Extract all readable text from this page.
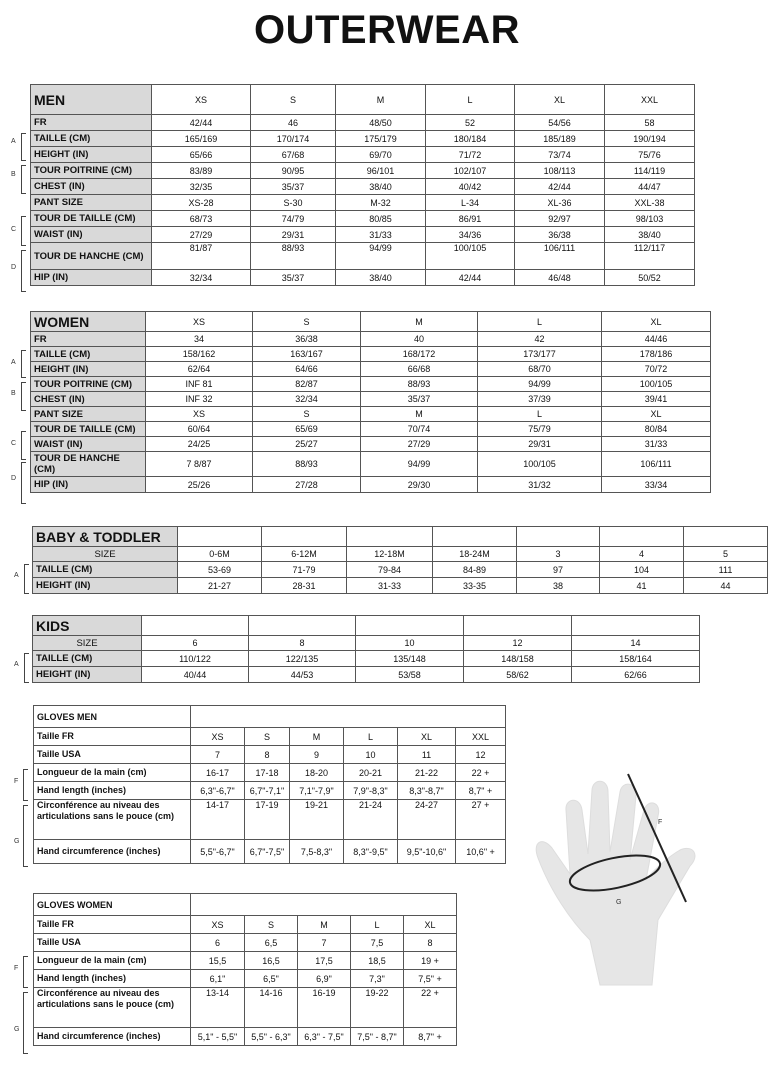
OUTERWEAR
MEN	XS	S	M	L	XL	XXL
FR	42/44	46	48/50	52	54/56	58
TAILLE (CM)	165/169	170/174	175/179	180/184	185/189	190/194
HEIGHT (IN)	65/66	67/68	69/70	71/72	73/74	75/76
TOUR POITRINE (CM)	83/89	90/95	96/101	102/107	108/113	114/119
CHEST (IN)	32/35	35/37	38/40	40/42	42/44	44/47
PANT SIZE	XS-28	S-30	M-32	L-34	XL-36	XXL-38
TOUR DE TAILLE (CM)	68/73	74/79	80/85	86/91	92/97	98/103
WAIST (IN)	27/29	29/31	31/33	34/36	36/38	38/40
TOUR DE HANCHE (CM)	81/87	88/93	94/99	100/105	106/111	112/117
HIP (IN)	32/34	35/37	38/40	42/44	46/48	50/52
WOMEN	XS	S	M	L	XL
FR	34	36/38	40	42	44/46
TAILLE (CM)	158/162	163/167	168/172	173/177	178/186
HEIGHT (IN)	62/64	64/66	66/68	68/70	70/72
TOUR POITRINE (CM)	INF 81	82/87	88/93	94/99	100/105
CHEST (IN)	INF 32	32/34	35/37	37/39	39/41
PANT SIZE	XS	S	M	L	XL
TOUR DE TAILLE (CM)	60/64	65/69	70/74	75/79	80/84
WAIST (IN)	24/25	25/27	27/29	29/31	31/33
TOUR DE HANCHE (CM)	7 8/87	88/93	94/99	100/105	106/111
HIP (IN)	25/26	27/28	29/30	31/32	33/34
BABY & TODDLER							
SIZE	0-6M	6-12M	12-18M	18-24M	3	4	5
TAILLE (CM)	53-69	71-79	79-84	84-89	97	104	111
HEIGHT (IN)	21-27	28-31	31-33	33-35	38	41	44
KIDS					
SIZE	6	8	10	12	14
TAILLE (CM)	110/122	122/135	135/148	148/158	158/164
HEIGHT (IN)	40/44	44/53	53/58	58/62	62/66
GLOVES MEN						
Taille FR	XS	S	M	L	XL	XXL
Taille USA	7	8	9	10	11	12
Longueur de la main (cm)	16-17	17-18	18-20	20-21	21-22	22 +
Hand length (inches)	6,3"-6,7"	6,7"-7,1"	7,1"-7,9"	7,9"-8,3"	8,3"-8,7"	8,7" +
Circonférence au niveau des articulations sans le pouce (cm)	14-17	17-19	19-21	21-24	24-27	27 +
Hand circumference (inches)	5,5"-6,7"	6,7"-7,5"	7,5-8,3"	8,3"-9,5"	9,5"-10,6"	10,6" +
GLOVES WOMEN					
Taille FR	XS	S	M	L	XL
Taille USA	6	6,5	7	7,5	8
Longueur de la main (cm)	15,5	16,5	17,5	18,5	19 +
Hand length (inches)	6,1"	6,5"	6,9"	7,3"	7,5" +
Circonférence au niveau des articulations sans le pouce (cm)	13-14	14-16	16-19	19-22	22 +
Hand circumference (inches)	5,1" - 5,5"	5,5" - 6,3"	6,3" - 7,5"	7,5" - 8,7"	8,7" +
A
B
C
D
A
B
C
D
A
A
F
G
F
G
F
G
